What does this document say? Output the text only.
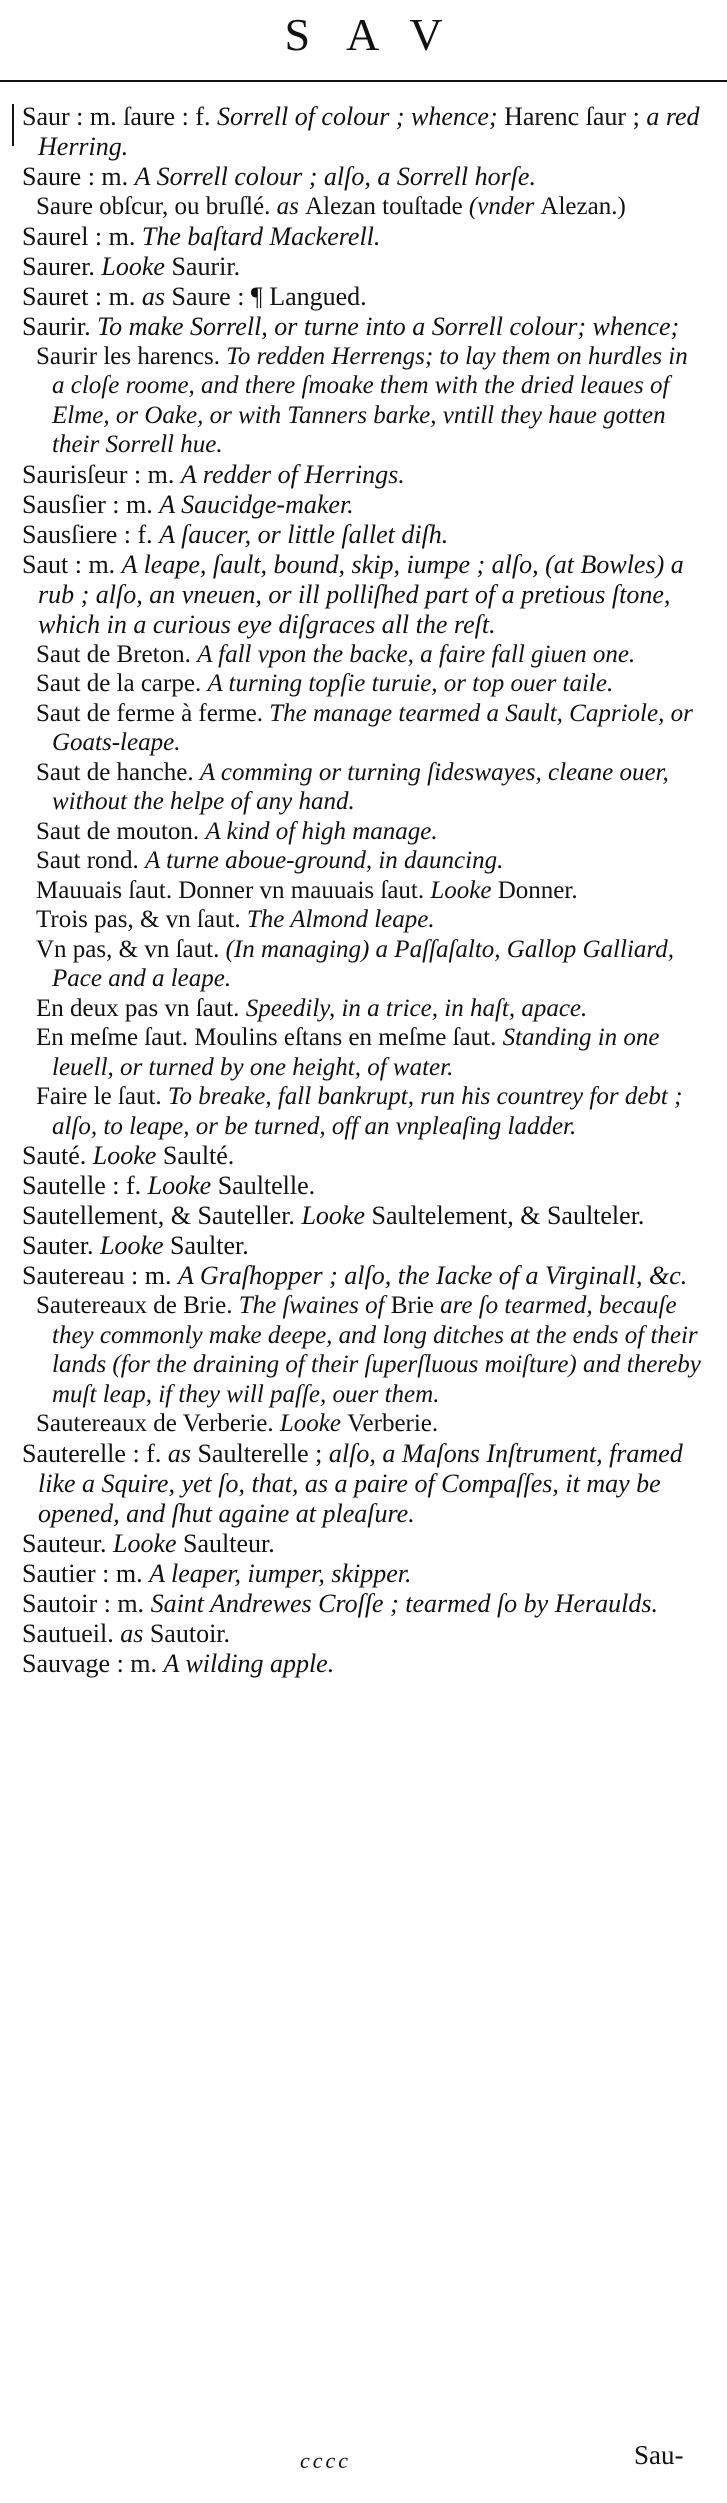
SAV

Saur : m. ſaure : f. Sorrell of colour ; whence; Harenc ſaur ; a red Herring.

Saure : m. A Sorrell colour ; alſo, a Sorrell horſe.

Saure obſcur, ou bruſlé. as Alezan touſtade (vnder Alezan.)

Saurel : m. The baſtard Mackerell.

Saurer. Looke Saurir.

Sauret : m. as Saure : ¶ Langued.

Saurir. To make Sorrell, or turne into a Sorrell colour; whence;

Saurir les harencs. To redden Herrengs; to lay them on hurdles in a cloſe roome, and there ſmoake them with the dried leaues of Elme, or Oake, or with Tanners barke, vntill they haue gotten their Sorrell hue.

Saurisſeur : m. A redder of Herrings.

Sausſier : m. A Saucidge-maker.

Sausſiere : f. A ſaucer, or little ſallet diſh.

Saut : m. A leape, ſault, bound, skip, iumpe ; alſo, (at Bowles) a rub ; alſo, an vneuen, or ill polliſhed part of a pretious ſtone, which in a curious eye diſgraces all the reſt.

Saut de Breton. A fall vpon the backe, a faire fall giuen one.

Saut de la carpe. A turning topſie turuie, or top ouer taile.

Saut de ferme à ferme. The manage tearmed a Sault, Capriole, or Goats-leape.

Saut de hanche. A comming or turning ſideswayes, cleane ouer, without the helpe of any hand.

Saut de mouton. A kind of high manage.

Saut rond. A turne aboue-ground, in dauncing.

Mauuais ſaut. Donner vn mauuais ſaut. Looke Donner.

Trois pas, & vn ſaut. The Almond leape.

Vn pas, & vn ſaut. (In managing) a Paſſaſalto, Gallop Galliard, Pace and a leape.

En deux pas vn ſaut. Speedily, in a trice, in haſt, apace.

En meſme ſaut. Moulins eſtans en meſme ſaut. Standing in one leuell, or turned by one height, of water.

Faire le ſaut. To breake, fall bankrupt, run his countrey for debt ; alſo, to leape, or be turned, off an vnpleaſing ladder.

Sauté. Looke Saulté.

Sautelle : f. Looke Saultelle.

Sautellement, & Sauteller. Looke Saultelement, & Saulteler.

Sauter. Looke Saulter.

Sautereau : m. A Graſhopper ; alſo, the Iacke of a Virginall, &c.

Sautereaux de Brie. The ſwaines of Brie are ſo tearmed, becauſe they commonly make deepe, and long ditches at the ends of their lands (for the draining of their ſuperſluous moiſture) and thereby muſt leap, if they will paſſe, ouer them.

Sautereaux de Verberie. Looke Verberie.

Sauterelle : f. as Saulterelle ; alſo, a Maſons Inſtrument, framed like a Squire, yet ſo, that, as a paire of Compaſſes, it may be opened, and ſhut againe at pleaſure.

Sauteur. Looke Saulteur.

Sautier : m. A leaper, iumper, skipper.

Sautoir : m. Saint Andrewes Croſſe ; tearmed ſo by Heraulds.

Sautueil. as Sautoir.

Sauvage : m. A wilding apple.

cccc	Sau-
